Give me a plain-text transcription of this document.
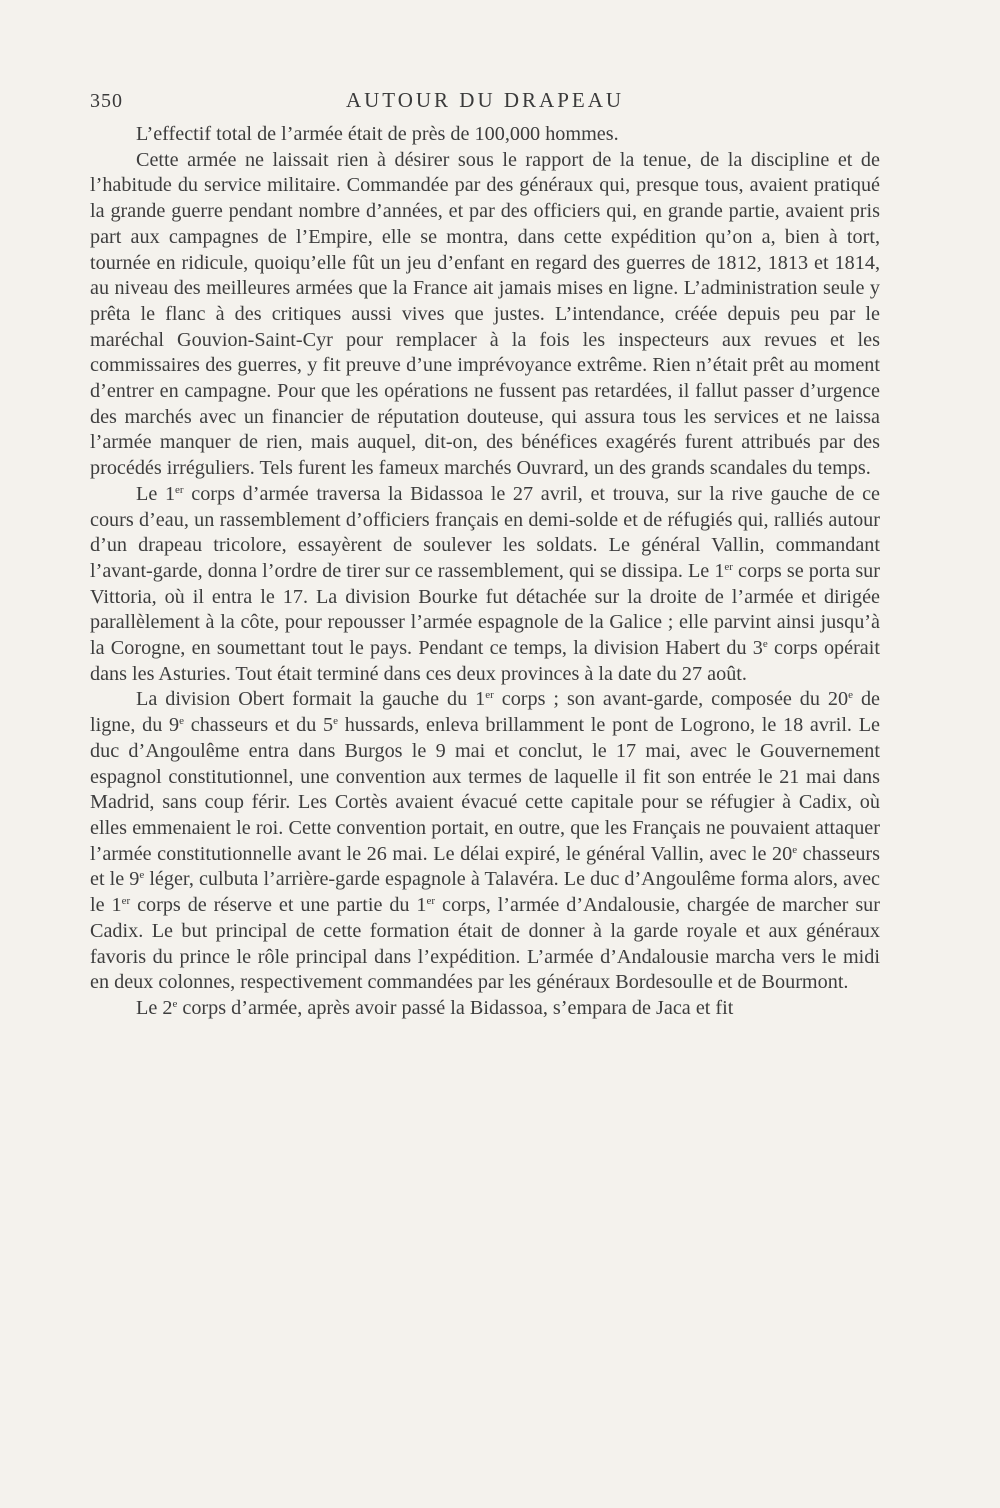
350	AUTOUR DU DRAPEAU

L’effectif total de l’armée était de près de 100,000 hommes.

Cette armée ne laissait rien à désirer sous le rapport de la tenue, de la discipline et de l’habitude du service militaire. Commandée par des généraux qui, presque tous, avaient pratiqué la grande guerre pendant nombre d’années, et par des officiers qui, en grande partie, avaient pris part aux campagnes de l’Empire, elle se montra, dans cette expédition qu’on a, bien à tort, tournée en ridicule, quoiqu’elle fût un jeu d’enfant en regard des guerres de 1812, 1813 et 1814, au niveau des meilleures armées que la France ait jamais mises en ligne. L’administration seule y prêta le flanc à des critiques aussi vives que justes. L’intendance, créée depuis peu par le maréchal Gouvion-Saint-Cyr pour remplacer à la fois les inspecteurs aux revues et les commissaires des guerres, y fit preuve d’une imprévoyance extrême. Rien n’était prêt au moment d’entrer en campagne. Pour que les opérations ne fussent pas retardées, il fallut passer d’urgence des marchés avec un financier de réputation douteuse, qui assura tous les services et ne laissa l’armée manquer de rien, mais auquel, dit-on, des bénéfices exagérés furent attribués par des procédés irréguliers. Tels furent les fameux marchés Ouvrard, un des grands scandales du temps.

Le 1er corps d’armée traversa la Bidassoa le 27 avril, et trouva, sur la rive gauche de ce cours d’eau, un rassemblement d’officiers français en demi-solde et de réfugiés qui, ralliés autour d’un drapeau tricolore, essayèrent de soulever les soldats. Le général Vallin, commandant l’avant-garde, donna l’ordre de tirer sur ce rassemblement, qui se dissipa. Le 1er corps se porta sur Vittoria, où il entra le 17. La division Bourke fut détachée sur la droite de l’armée et dirigée parallèlement à la côte, pour repousser l’armée espagnole de la Galice ; elle parvint ainsi jusqu’à la Corogne, en soumettant tout le pays. Pendant ce temps, la division Habert du 3e corps opérait dans les Asturies. Tout était terminé dans ces deux provinces à la date du 27 août.

La division Obert formait la gauche du 1er corps ; son avant-garde, composée du 20e de ligne, du 9e chasseurs et du 5e hussards, enleva brillamment le pont de Logrono, le 18 avril. Le duc d’Angoulême entra dans Burgos le 9 mai et conclut, le 17 mai, avec le Gouvernement espagnol constitutionnel, une convention aux termes de laquelle il fit son entrée le 21 mai dans Madrid, sans coup férir. Les Cortès avaient évacué cette capitale pour se réfugier à Cadix, où elles emmenaient le roi. Cette convention portait, en outre, que les Français ne pouvaient attaquer l’armée constitutionnelle avant le 26 mai. Le délai expiré, le général Vallin, avec le 20e chasseurs et le 9e léger, culbuta l’arrière-garde espagnole à Talavéra. Le duc d’Angoulême forma alors, avec le 1er corps de réserve et une partie du 1er corps, l’armée d’Andalousie, chargée de marcher sur Cadix. Le but principal de cette formation était de donner à la garde royale et aux généraux favoris du prince le rôle principal dans l’expédition. L’armée d’Andalousie marcha vers le midi en deux colonnes, respectivement commandées par les généraux Bordesoulle et de Bourmont.

Le 2e corps d’armée, après avoir passé la Bidassoa, s’empara de Jaca et fit
